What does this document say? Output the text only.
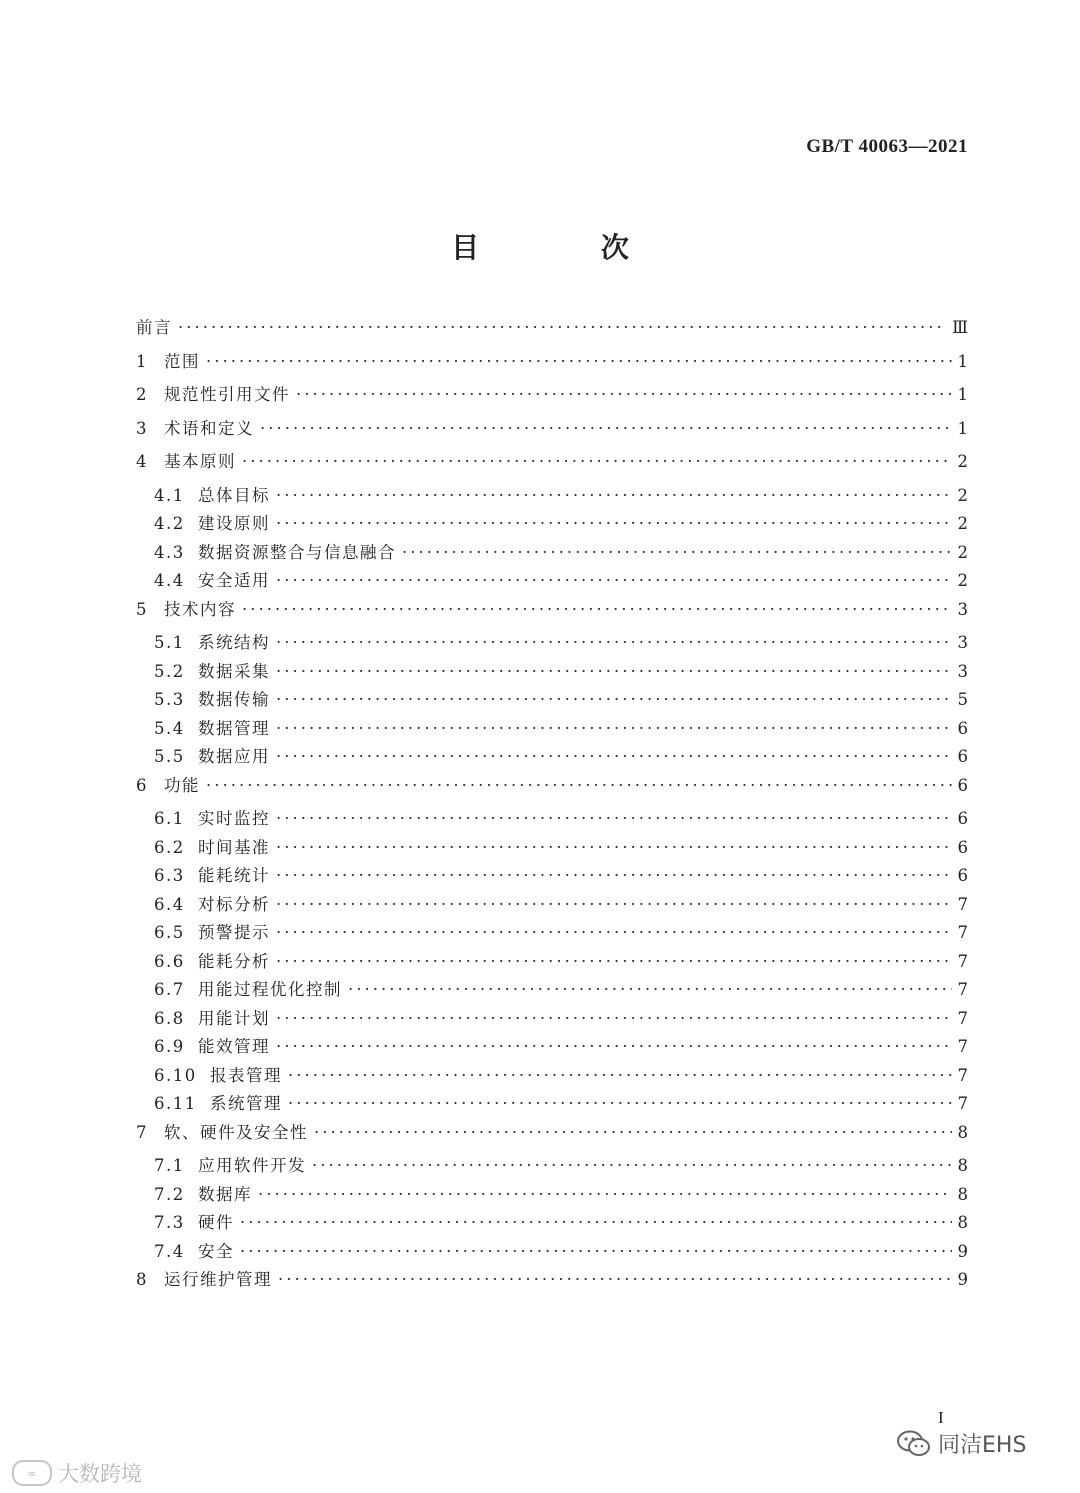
GB/T 40063—2021
目 次
前言 ·····	Ⅲ
1 范围 ·····	1
2 规范性引用文件 ·····	1
3 术语和定义 ·····	1
4 基本原则 ·····	2
4.1 总体目标 ·····	2
4.2 建设原则 ·····	2
4.3 数据资源整合与信息融合 ·····	2
4.4 安全适用 ·····	2
5 技术内容 ·····	3
5.1 系统结构 ·····	3
5.2 数据采集 ·····	3
5.3 数据传输 ·····	5
5.4 数据管理 ·····	6
5.5 数据应用 ·····	6
6 功能 ·····	6
6.1 实时监控 ·····	6
6.2 时间基准 ·····	6
6.3 能耗统计 ·····	6
6.4 对标分析 ·····	7
6.5 预警提示 ·····	7
6.6 能耗分析 ·····	7
6.7 用能过程优化控制 ·····	7
6.8 用能计划 ·····	7
6.9 能效管理 ·····	7
6.10 报表管理 ·····	7
6.11 系统管理 ·····	7
7 软、硬件及安全性 ·····	8
7.1 应用软件开发 ·····	8
7.2 数据库 ·····	8
7.3 硬件 ·····	8
7.4 安全 ·····	9
8 运行维护管理 ·····	9
I
∞	大数跨境
同洁EHS
